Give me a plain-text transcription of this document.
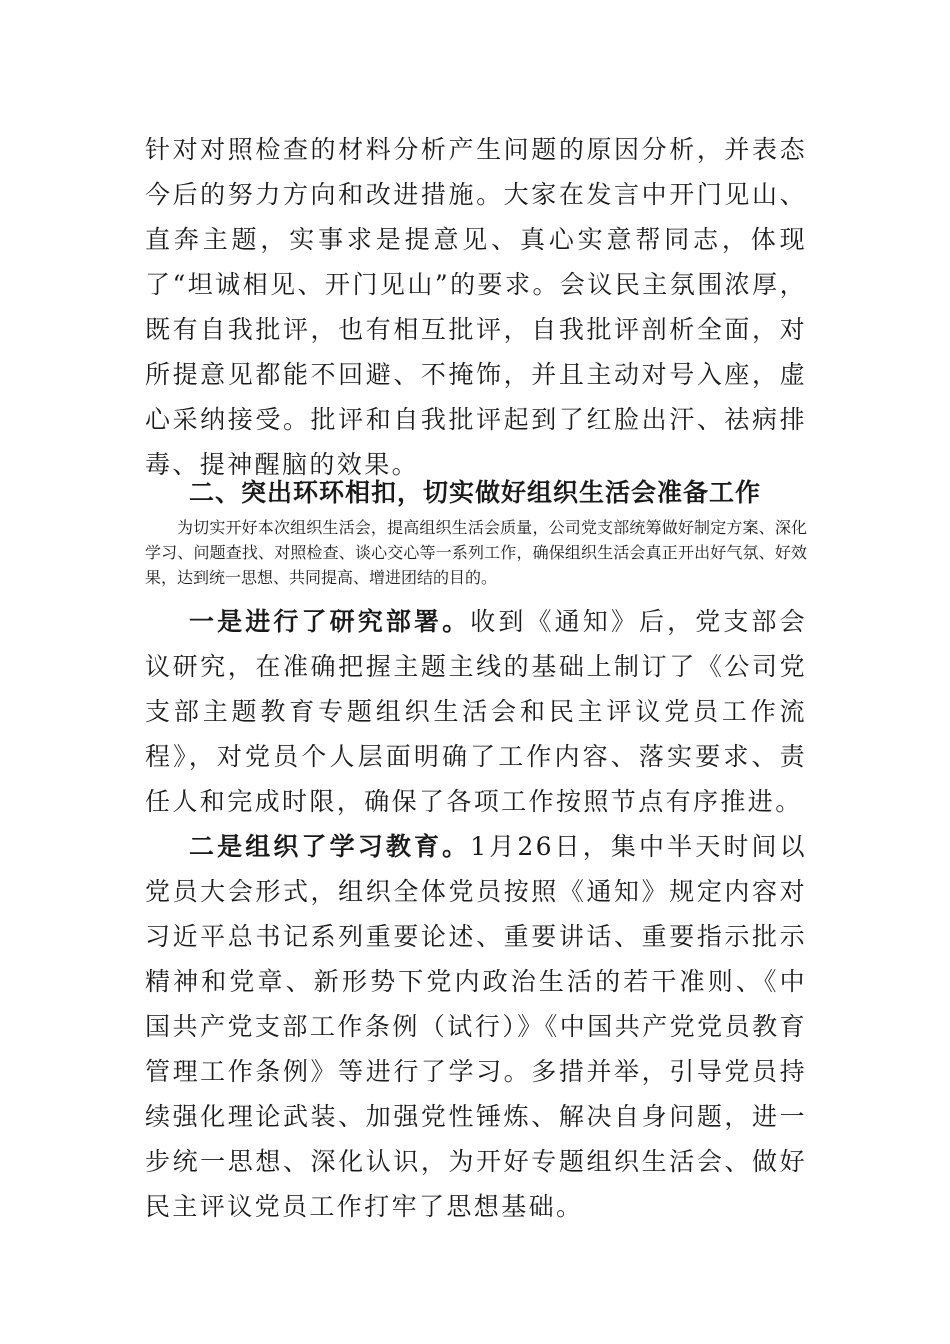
针对对照检查的材料分析产生问题的原因分析，并表态今后的努力方向和改进措施。大家在发言中开门见山、直奔主题，实事求是提意见、真心实意帮同志，体现了“坦诚相见、开门见山”的要求。会议民主氛围浓厚，既有自我批评，也有相互批评，自我批评剖析全面，对所提意见都能不回避、不掩饰，并且主动对号入座，虚心采纳接受。批评和自我批评起到了红脸出汗、祛病排毒、提神醒脑的效果。

二、突出环环相扣，切实做好组织生活会准备工作

为切实开好本次组织生活会，提高组织生活会质量，公司党支部统筹做好制定方案、深化学习、问题查找、对照检查、谈心交心等一系列工作，确保组织生活会真正开出好气氛、好效果，达到统一思想、共同提高、增进团结的目的。

一是进行了研究部署。收到《通知》后，党支部会议研究，在准确把握主题主线的基础上制订了《公司党支部主题教育专题组织生活会和民主评议党员工作流程》，对党员个人层面明确了工作内容、落实要求、责任人和完成时限，确保了各项工作按照节点有序推进。

二是组织了学习教育。1月26日，集中半天时间以党员大会形式，组织全体党员按照《通知》规定内容对习近平总书记系列重要论述、重要讲话、重要指示批示精神和党章、新形势下党内政治生活的若干准则、《中国共产党支部工作条例（试行）》《中国共产党党员教育管理工作条例》等进行了学习。多措并举，引导党员持续强化理论武装、加强党性锤炼、解决自身问题，进一步统一思想、深化认识，为开好专题组织生活会、做好民主评议党员工作打牢了思想基础。
